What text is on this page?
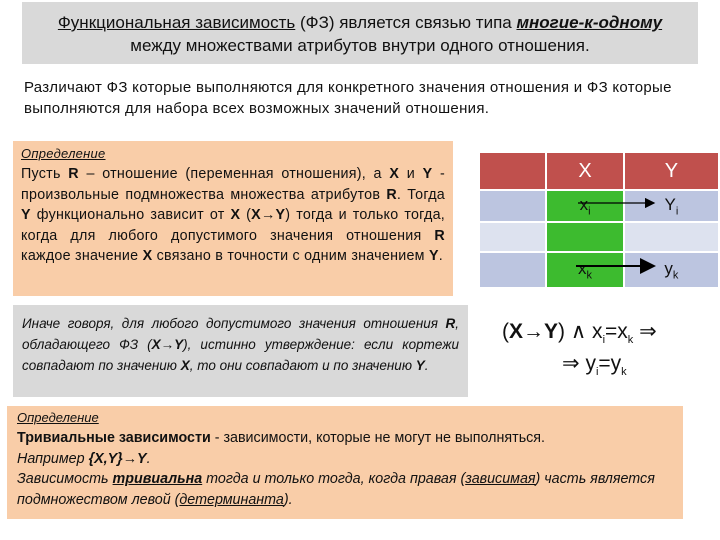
Функциональная зависимость (ФЗ) является связью типа многие-к-одному между множествами атрибутов внутри одного отношения.
Различают ФЗ которые выполняются для конкретного значения отношения и ФЗ которые выполняются для набора всех возможных значений отношения.
Определение
Пусть R – отношение (переменная отношения), а X и Y - произвольные подмножества множества атрибутов R. Тогда Y функционально зависит от X (X→Y) тогда и только тогда, когда для любого допустимого значения отношения R каждое значение X связано в точности с одним значением Y.
Иначе говоря, для любого допустимого значения отношения R, обладающего ФЗ (X→Y), истинно утверждение: если кортежи совпадают по значению X, то они совпадают и по значению Y.
	X	Y
	$x_i$	$Y_i$

	$x_k$	$y_k$
(X→Y) ∧ $x_i=x_k$ ⇒
⇒ $y_i=y_k$
Определение
Тривиальные зависимости - зависимости, которые не могут не выполняться.
Например {X,Y}→Y.
Зависимость тривиальна тогда и только тогда, когда правая (зависимая) часть является подмножеством левой (детерминанта).
